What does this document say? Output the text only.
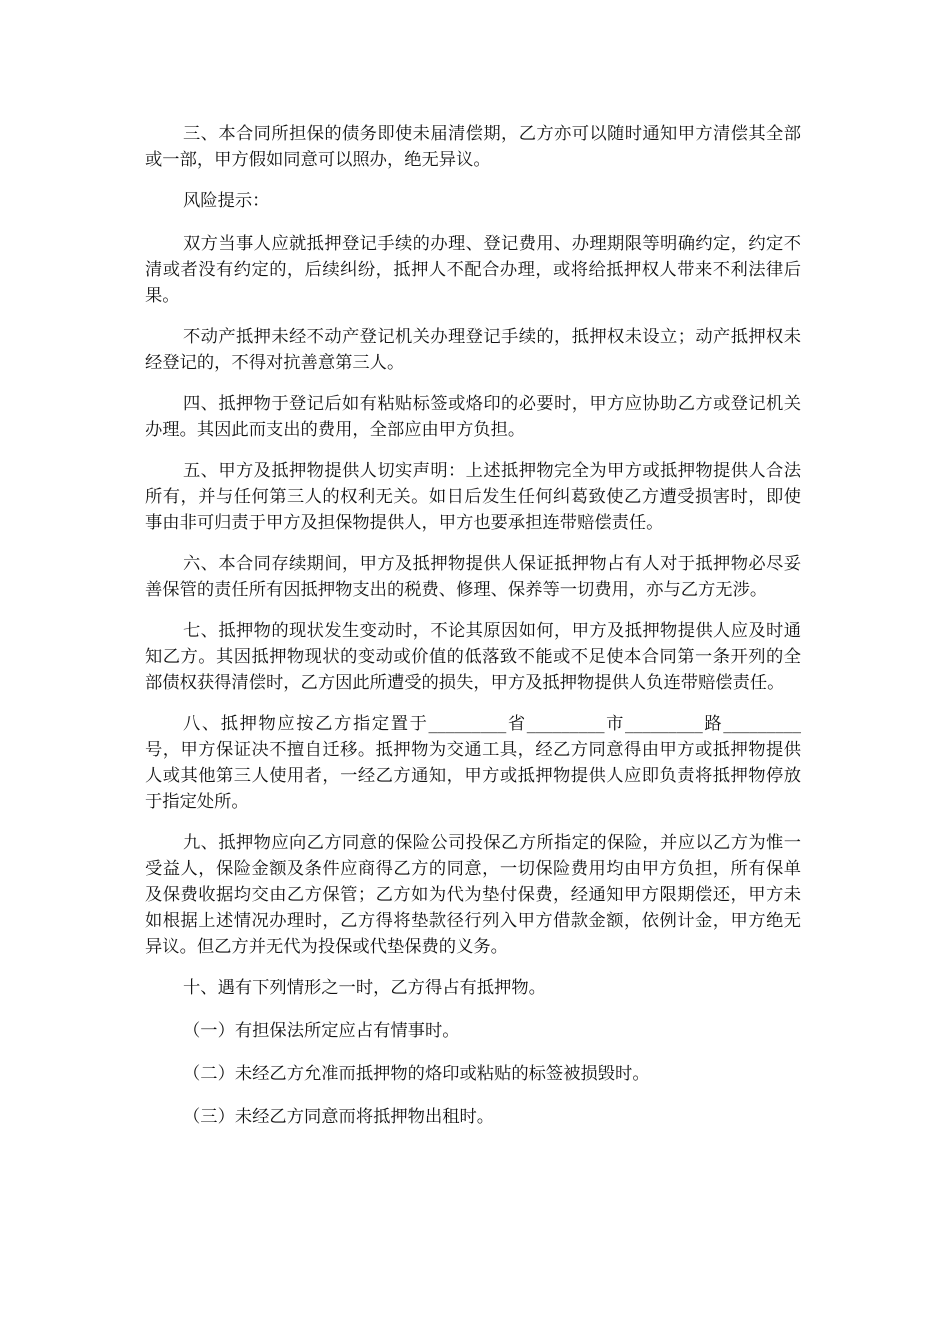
三、本合同所担保的债务即使未届清偿期，乙方亦可以随时通知甲方清偿其全部或一部，甲方假如同意可以照办，绝无异议。

风险提示：

双方当事人应就抵押登记手续的办理、登记费用、办理期限等明确约定，约定不清或者没有约定的，后续纠纷，抵押人不配合办理，或将给抵押权人带来不利法律后果。

不动产抵押未经不动产登记机关办理登记手续的，抵押权未设立；动产抵押权未经登记的，不得对抗善意第三人。

四、抵押物于登记后如有粘贴标签或烙印的必要时，甲方应协助乙方或登记机关办理。其因此而支出的费用，全部应由甲方负担。

五、甲方及抵押物提供人切实声明：上述抵押物完全为甲方或抵押物提供人合法所有，并与任何第三人的权利无关。如日后发生任何纠葛致使乙方遭受损害时，即使事由非可归责于甲方及担保物提供人，甲方也要承担连带赔偿责任。

六、本合同存续期间，甲方及抵押物提供人保证抵押物占有人对于抵押物必尽妥善保管的责任所有因抵押物支出的税费、修理、保养等一切费用，亦与乙方无涉。

七、抵押物的现状发生变动时，不论其原因如何，甲方及抵押物提供人应及时通知乙方。其因抵押物现状的变动或价值的低落致不能或不足使本合同第一条开列的全部债权获得清偿时，乙方因此所遭受的损失，甲方及抵押物提供人负连带赔偿责任。

八、抵押物应按乙方指定置于_________省_________市_________路_________号，甲方保证决不擅自迁移。抵押物为交通工具，经乙方同意得由甲方或抵押物提供人或其他第三人使用者，一经乙方通知，甲方或抵押物提供人应即负责将抵押物停放于指定处所。

九、抵押物应向乙方同意的保险公司投保乙方所指定的保险，并应以乙方为惟一受益人，保险金额及条件应商得乙方的同意，一切保险费用均由甲方负担，所有保单及保费收据均交由乙方保管；乙方如为代为垫付保费，经通知甲方限期偿还，甲方未如根据上述情况办理时，乙方得将垫款径行列入甲方借款金额，依例计金，甲方绝无异议。但乙方并无代为投保或代垫保费的义务。

十、遇有下列情形之一时，乙方得占有抵押物。

（一）有担保法所定应占有情事时。

（二）未经乙方允准而抵押物的烙印或粘贴的标签被损毁时。

（三）未经乙方同意而将抵押物出租时。
